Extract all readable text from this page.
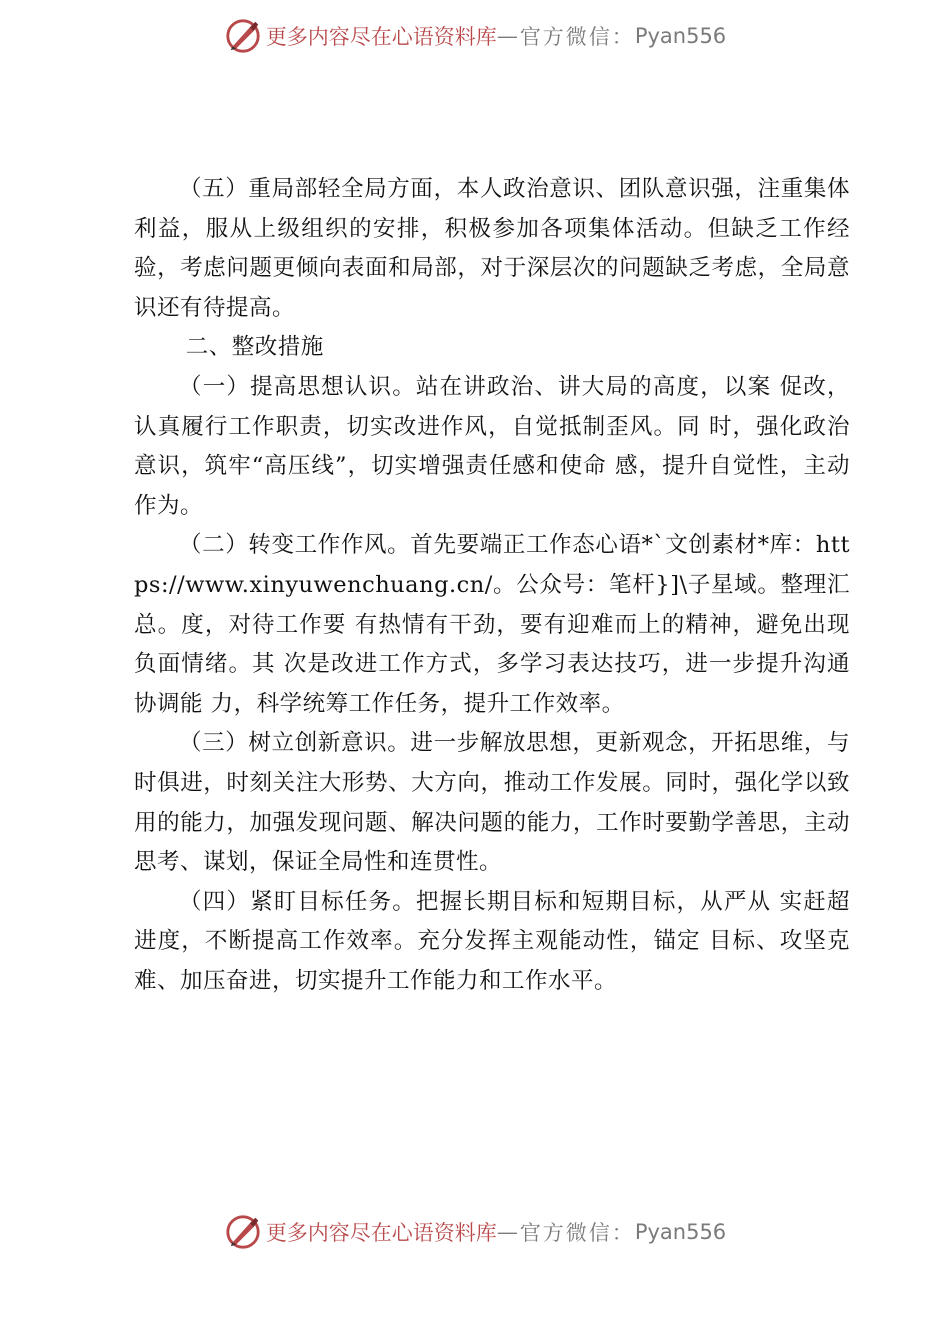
更多内容尽在心语资料库 — 官方微信： Pyan556

（五）重局部轻全局方面，本人政治意识、团队意识强，注重集体利益，服从上级组织的安排，积极参加各项集体活动。但缺乏工作经验，考虑问题更倾向表面和局部，对于深层次的问题缺乏考虑，全局意识还有待提高。

二、整改措施

（一）提高思想认识。站在讲政治、讲大局的高度，以案 促改，认真履行工作职责，切实改进作风，自觉抵制歪风。同 时，强化政治意识，筑牢“高压线”，切实增强责任感和使命 感，提升自觉性，主动作为。

（二）转变工作作风。首先要端正工作态心语*`文创素材*库：https://www.xinyuwenchuang.cn/。公众号：笔杆}]\子星域。整理汇总。度，对待工作要 有热情有干劲，要有迎难而上的精神，避免出现负面情绪。其 次是改进工作方式，多学习表达技巧，进一步提升沟通协调能 力，科学统筹工作任务，提升工作效率。

（三）树立创新意识。进一步解放思想，更新观念，开拓思维，与时俱进，时刻关注大形势、大方向，推动工作发展。同时，强化学以致用的能力，加强发现问题、解决问题的能力，工作时要勤学善思，主动思考、谋划，保证全局性和连贯性。

（四）紧盯目标任务。把握长期目标和短期目标，从严从 实赶超进度，不断提高工作效率。充分发挥主观能动性，锚定 目标、攻坚克难、加压奋进，切实提升工作能力和工作水平。

更多内容尽在心语资料库 — 官方微信： Pyan556
